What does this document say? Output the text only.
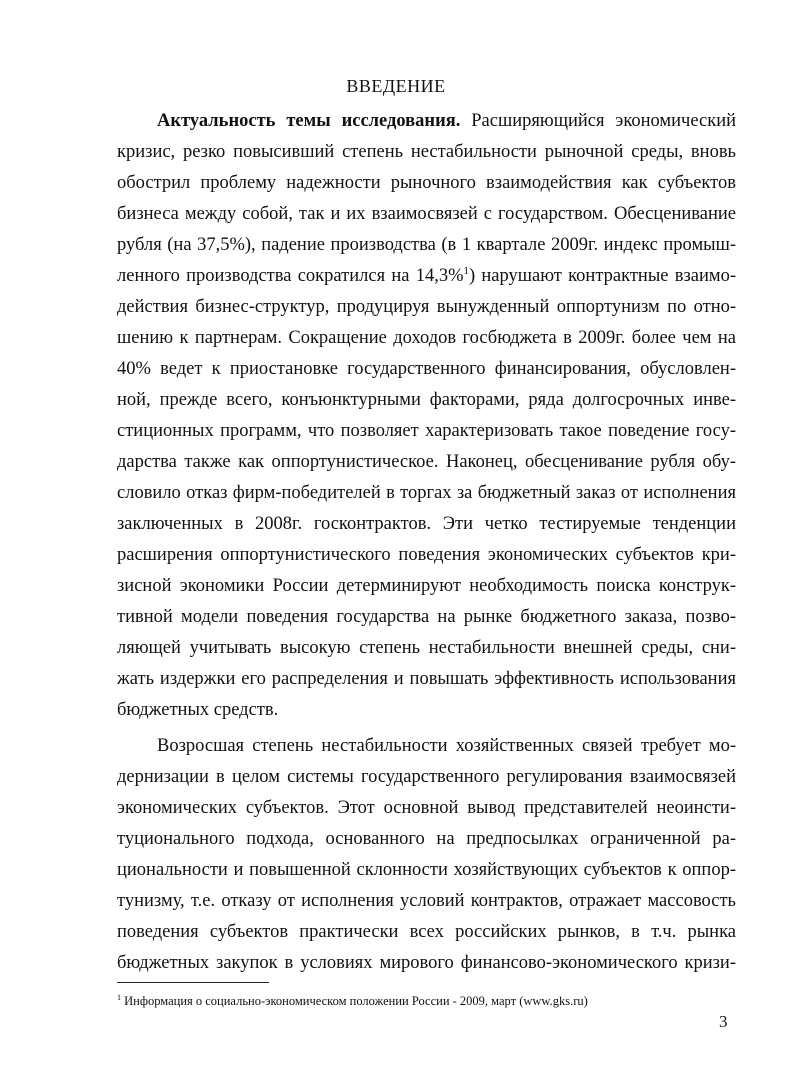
ВВЕДЕНИЕ
Актуальность темы исследования. Расширяющийся экономический
кризис, резко повысивший степень нестабильности рыночной среды, вновь
обострил проблему надежности рыночного взаимодействия как субъектов
бизнеса между собой, так и их взаимосвязей с государством. Обесценивание
рубля (на 37,5%), падение производства (в 1 квартале 2009г. индекс промыш-
ленного производства сократился на 14,3%$^1$) нарушают контрактные взаимо-
действия бизнес-структур, продуцируя вынужденный оппортунизм по отно-
шению к партнерам. Сокращение доходов госбюджета в 2009г. более чем на
40% ведет к приостановке государственного финансирования, обусловлен-
ной, прежде всего, конъюнктурными факторами, ряда долгосрочных инве-
стиционных программ, что позволяет характеризовать такое поведение госу-
дарства также как оппортунистическое. Наконец, обесценивание рубля обу-
словило отказ фирм-победителей в торгах за бюджетный заказ от исполнения
заключенных в 2008г. госконтрактов. Эти четко тестируемые тенденции
расширения оппортунистического поведения экономических субъектов кри-
зисной экономики России детерминируют необходимость поиска конструк-
тивной модели поведения государства на рынке бюджетного заказа, позво-
ляющей учитывать высокую степень нестабильности внешней среды, сни-
жать издержки его распределения и повышать эффективность использования
бюджетных средств.
Возросшая степень нестабильности хозяйственных связей требует мо-
дернизации в целом системы государственного регулирования взаимосвязей
экономических субъектов. Этот основной вывод представителей неоинсти-
туционального подхода, основанного на предпосылках ограниченной ра-
циональности и повышенной склонности хозяйствующих субъектов к оппор-
тунизму, т.е. отказу от исполнения условий контрактов, отражает массовость
поведения субъектов практически всех российских рынков, в т.ч. рынка
бюджетных закупок в условиях мирового финансово-экономического кризи-
$^1$ Информация о социально-экономическом положении России - 2009, март (www.gks.ru)
3
